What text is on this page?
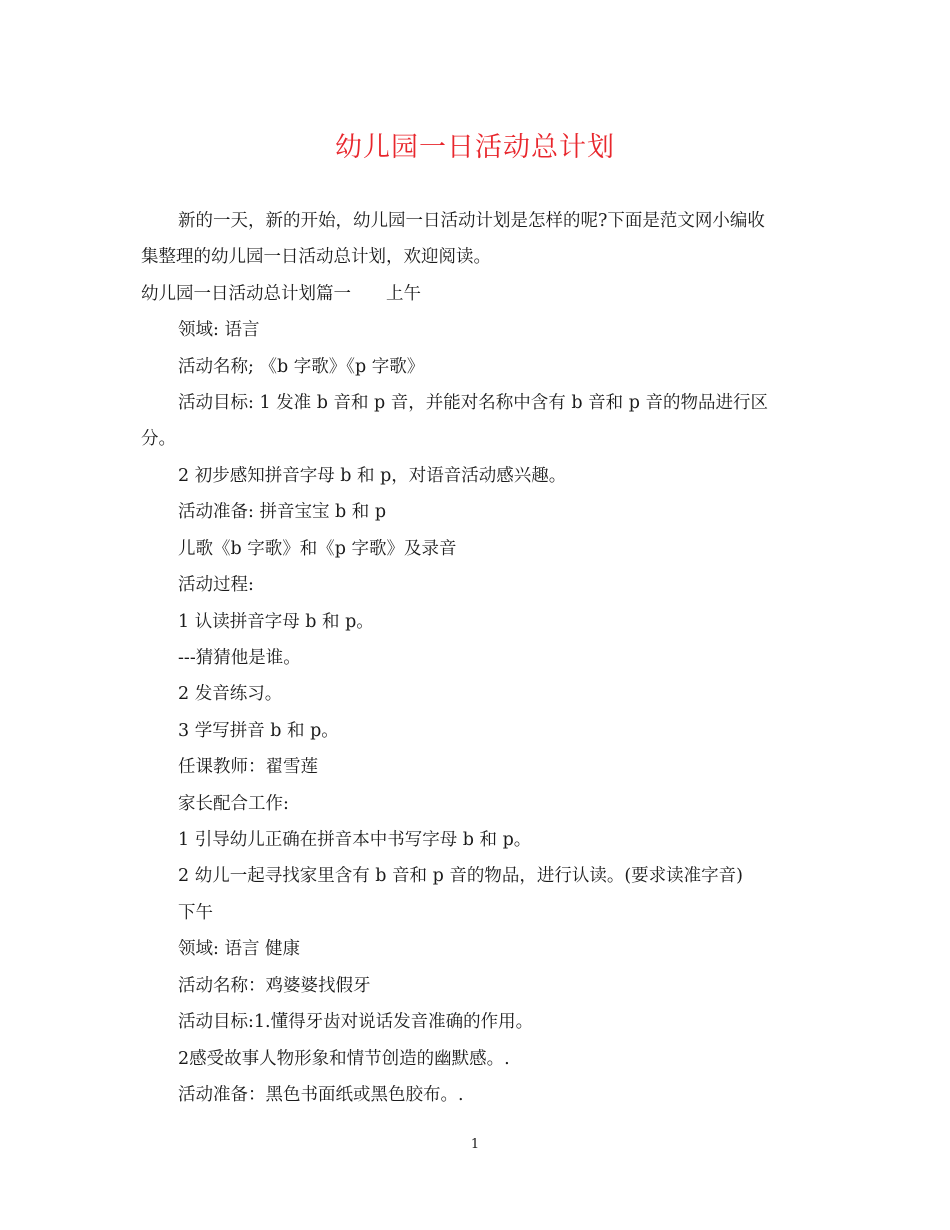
幼儿园一日活动总计划
新的一天，新的开始，幼儿园一日活动计划是怎样的呢?下面是范文网小编收
集整理的幼儿园一日活动总计划，欢迎阅读。
幼儿园一日活动总计划篇一　　上午
领域: 语言
活动名称; 《b 字歌》《p 字歌》
活动目标: 1 发准 b 音和 p 音，并能对名称中含有 b 音和 p 音的物品进行区
分。
2 初步感知拼音字母 b 和 p，对语音活动感兴趣。
活动准备: 拼音宝宝 b 和 p
儿歌《b 字歌》和《p 字歌》及录音
活动过程:
1 认读拼音字母 b 和 p。
---猜猜他是谁。
2 发音练习。
3 学写拼音 b 和 p。
任课教师：翟雪莲
家长配合工作:
1 引导幼儿正确在拼音本中书写字母 b 和 p。
2 幼儿一起寻找家里含有 b 音和 p 音的物品，进行认读。(要求读准字音)
下午
领域: 语言 健康
活动名称：鸡婆婆找假牙
活动目标:1.懂得牙齿对说话发音准确的作用。
2感受故事人物形象和情节创造的幽默感。.
活动准备：黑色书面纸或黑色胶布。.
1
